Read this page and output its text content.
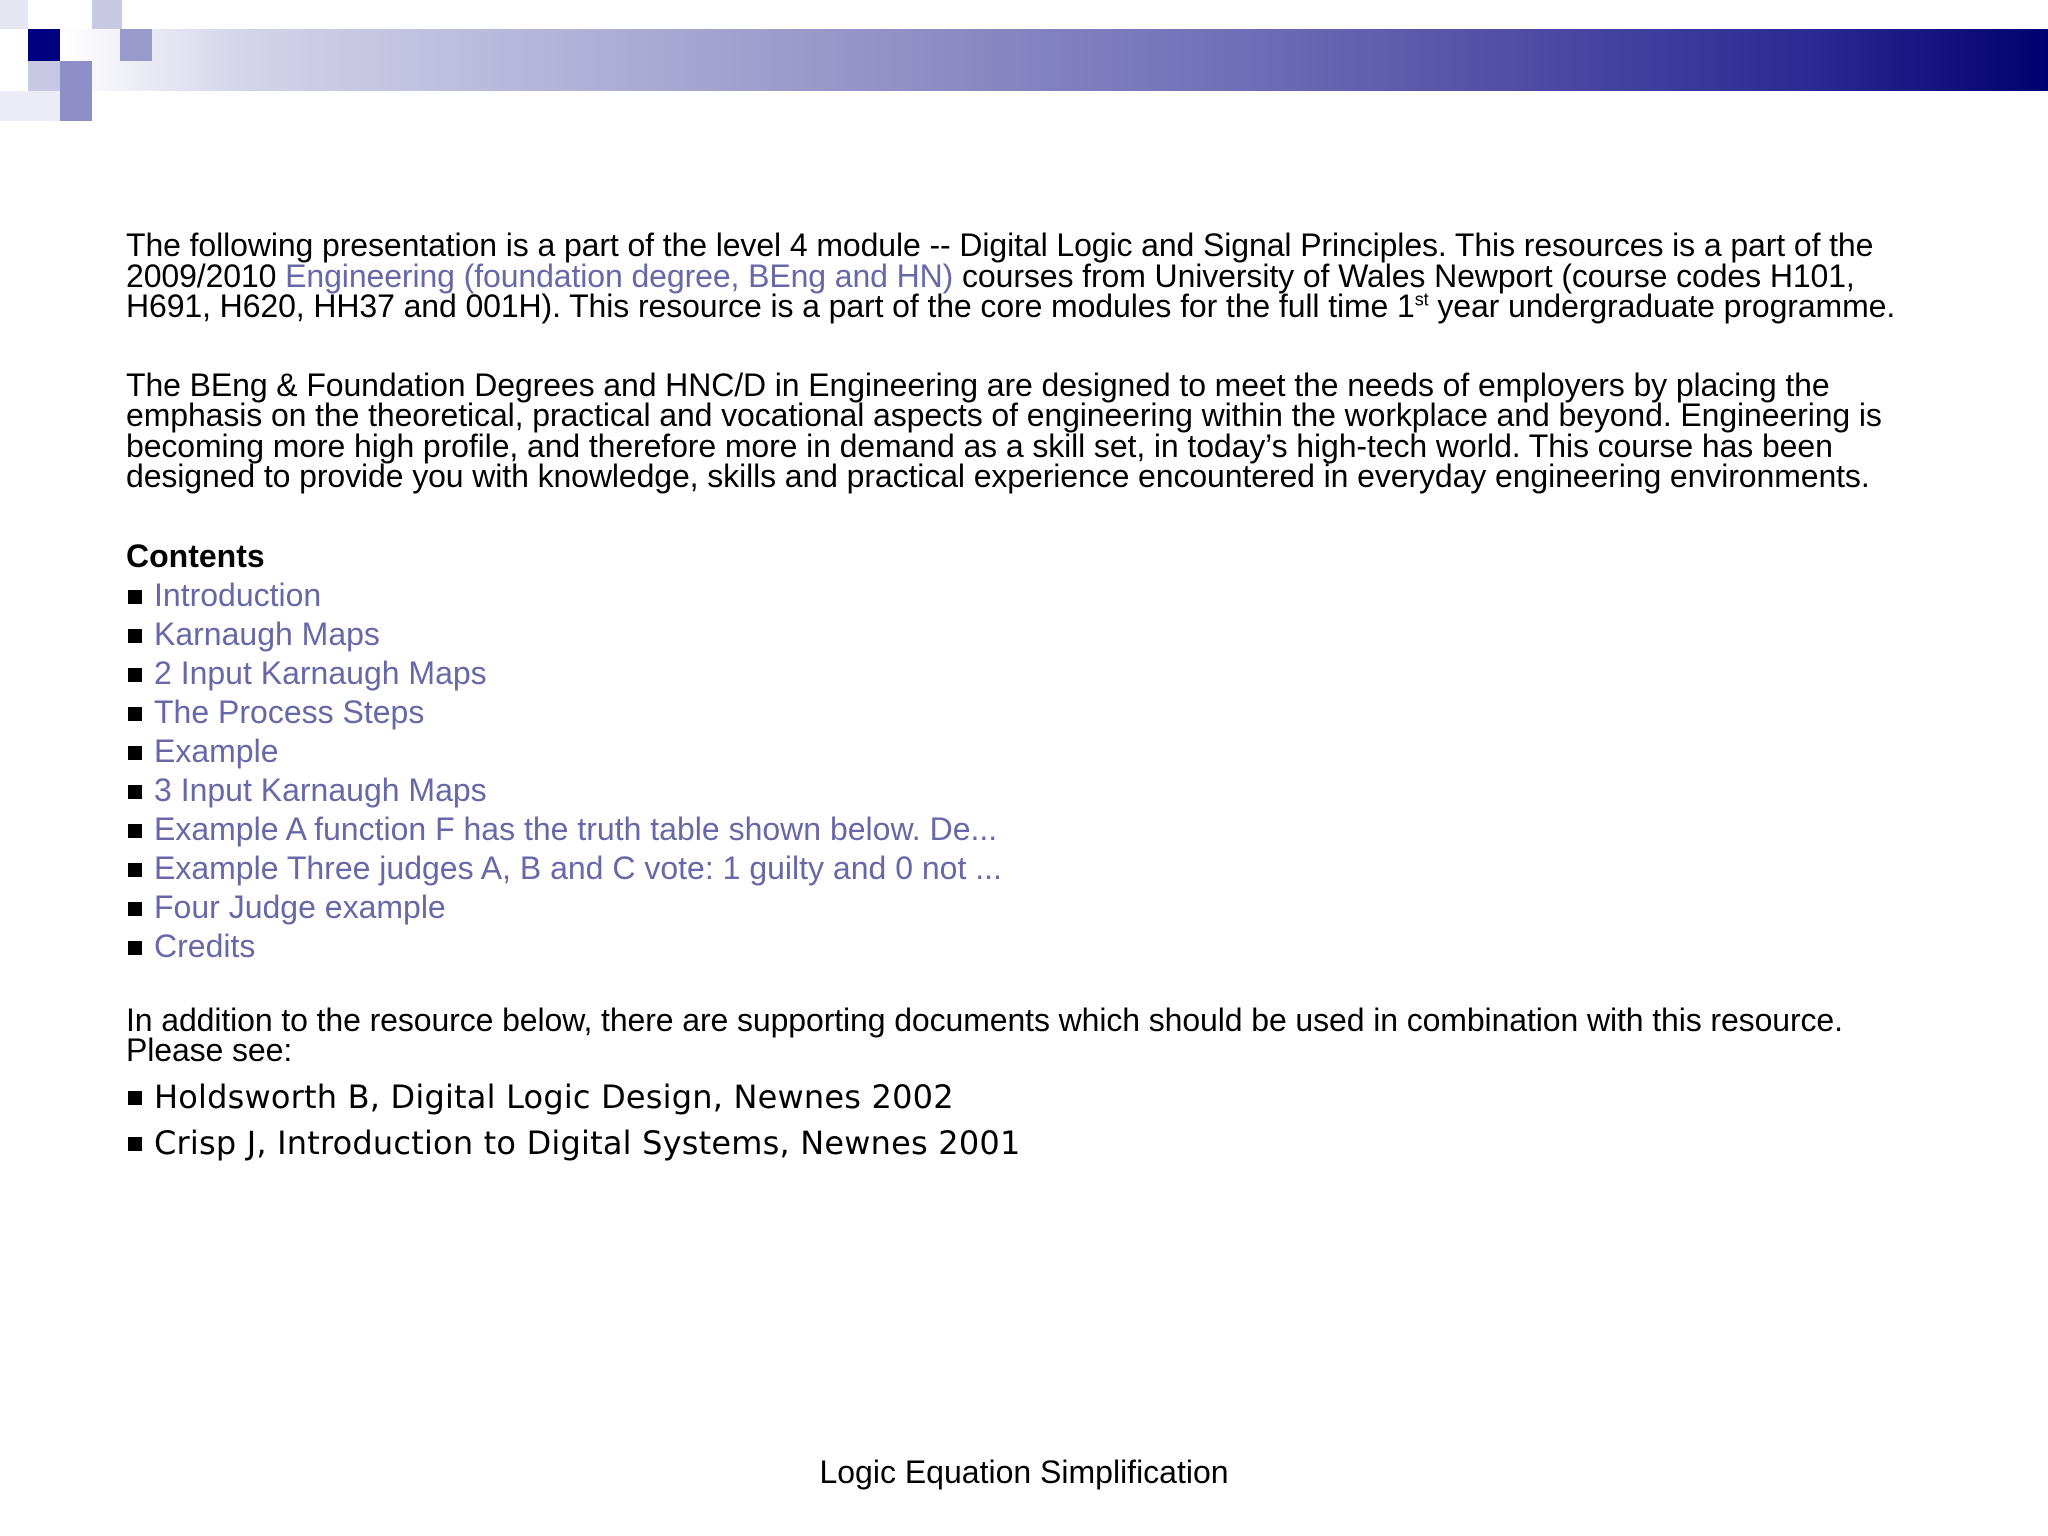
The following presentation is a part of the level 4 module -- Digital Logic and Signal Principles. This resources is a part of the 2009/2010 Engineering (foundation degree, BEng and HN) courses from University of Wales Newport (course codes H101, H691, H620, HH37 and 001H). This resource is a part of the core modules for the full time 1st year undergraduate programme.

The BEng & Foundation Degrees and HNC/D in Engineering are designed to meet the needs of employers by placing the emphasis on the theoretical, practical and vocational aspects of engineering within the workplace and beyond. Engineering is becoming more high profile, and therefore more in demand as a skill set, in today’s high-tech world. This course has been designed to provide you with knowledge, skills and practical experience encountered in everyday engineering environments.

Contents
Introduction
Karnaugh Maps
2 Input Karnaugh Maps
The Process Steps
Example
3 Input Karnaugh Maps
Example A function F has the truth table shown below. De...
Example Three judges A, B and C vote: 1 guilty and 0 not ...
Four Judge example
Credits

In addition to the resource below, there are supporting documents which should be used in combination with this resource. Please see:

Holdsworth B, Digital Logic Design, Newnes 2002
Crisp J, Introduction to Digital Systems, Newnes 2001
Logic Equation Simplification
